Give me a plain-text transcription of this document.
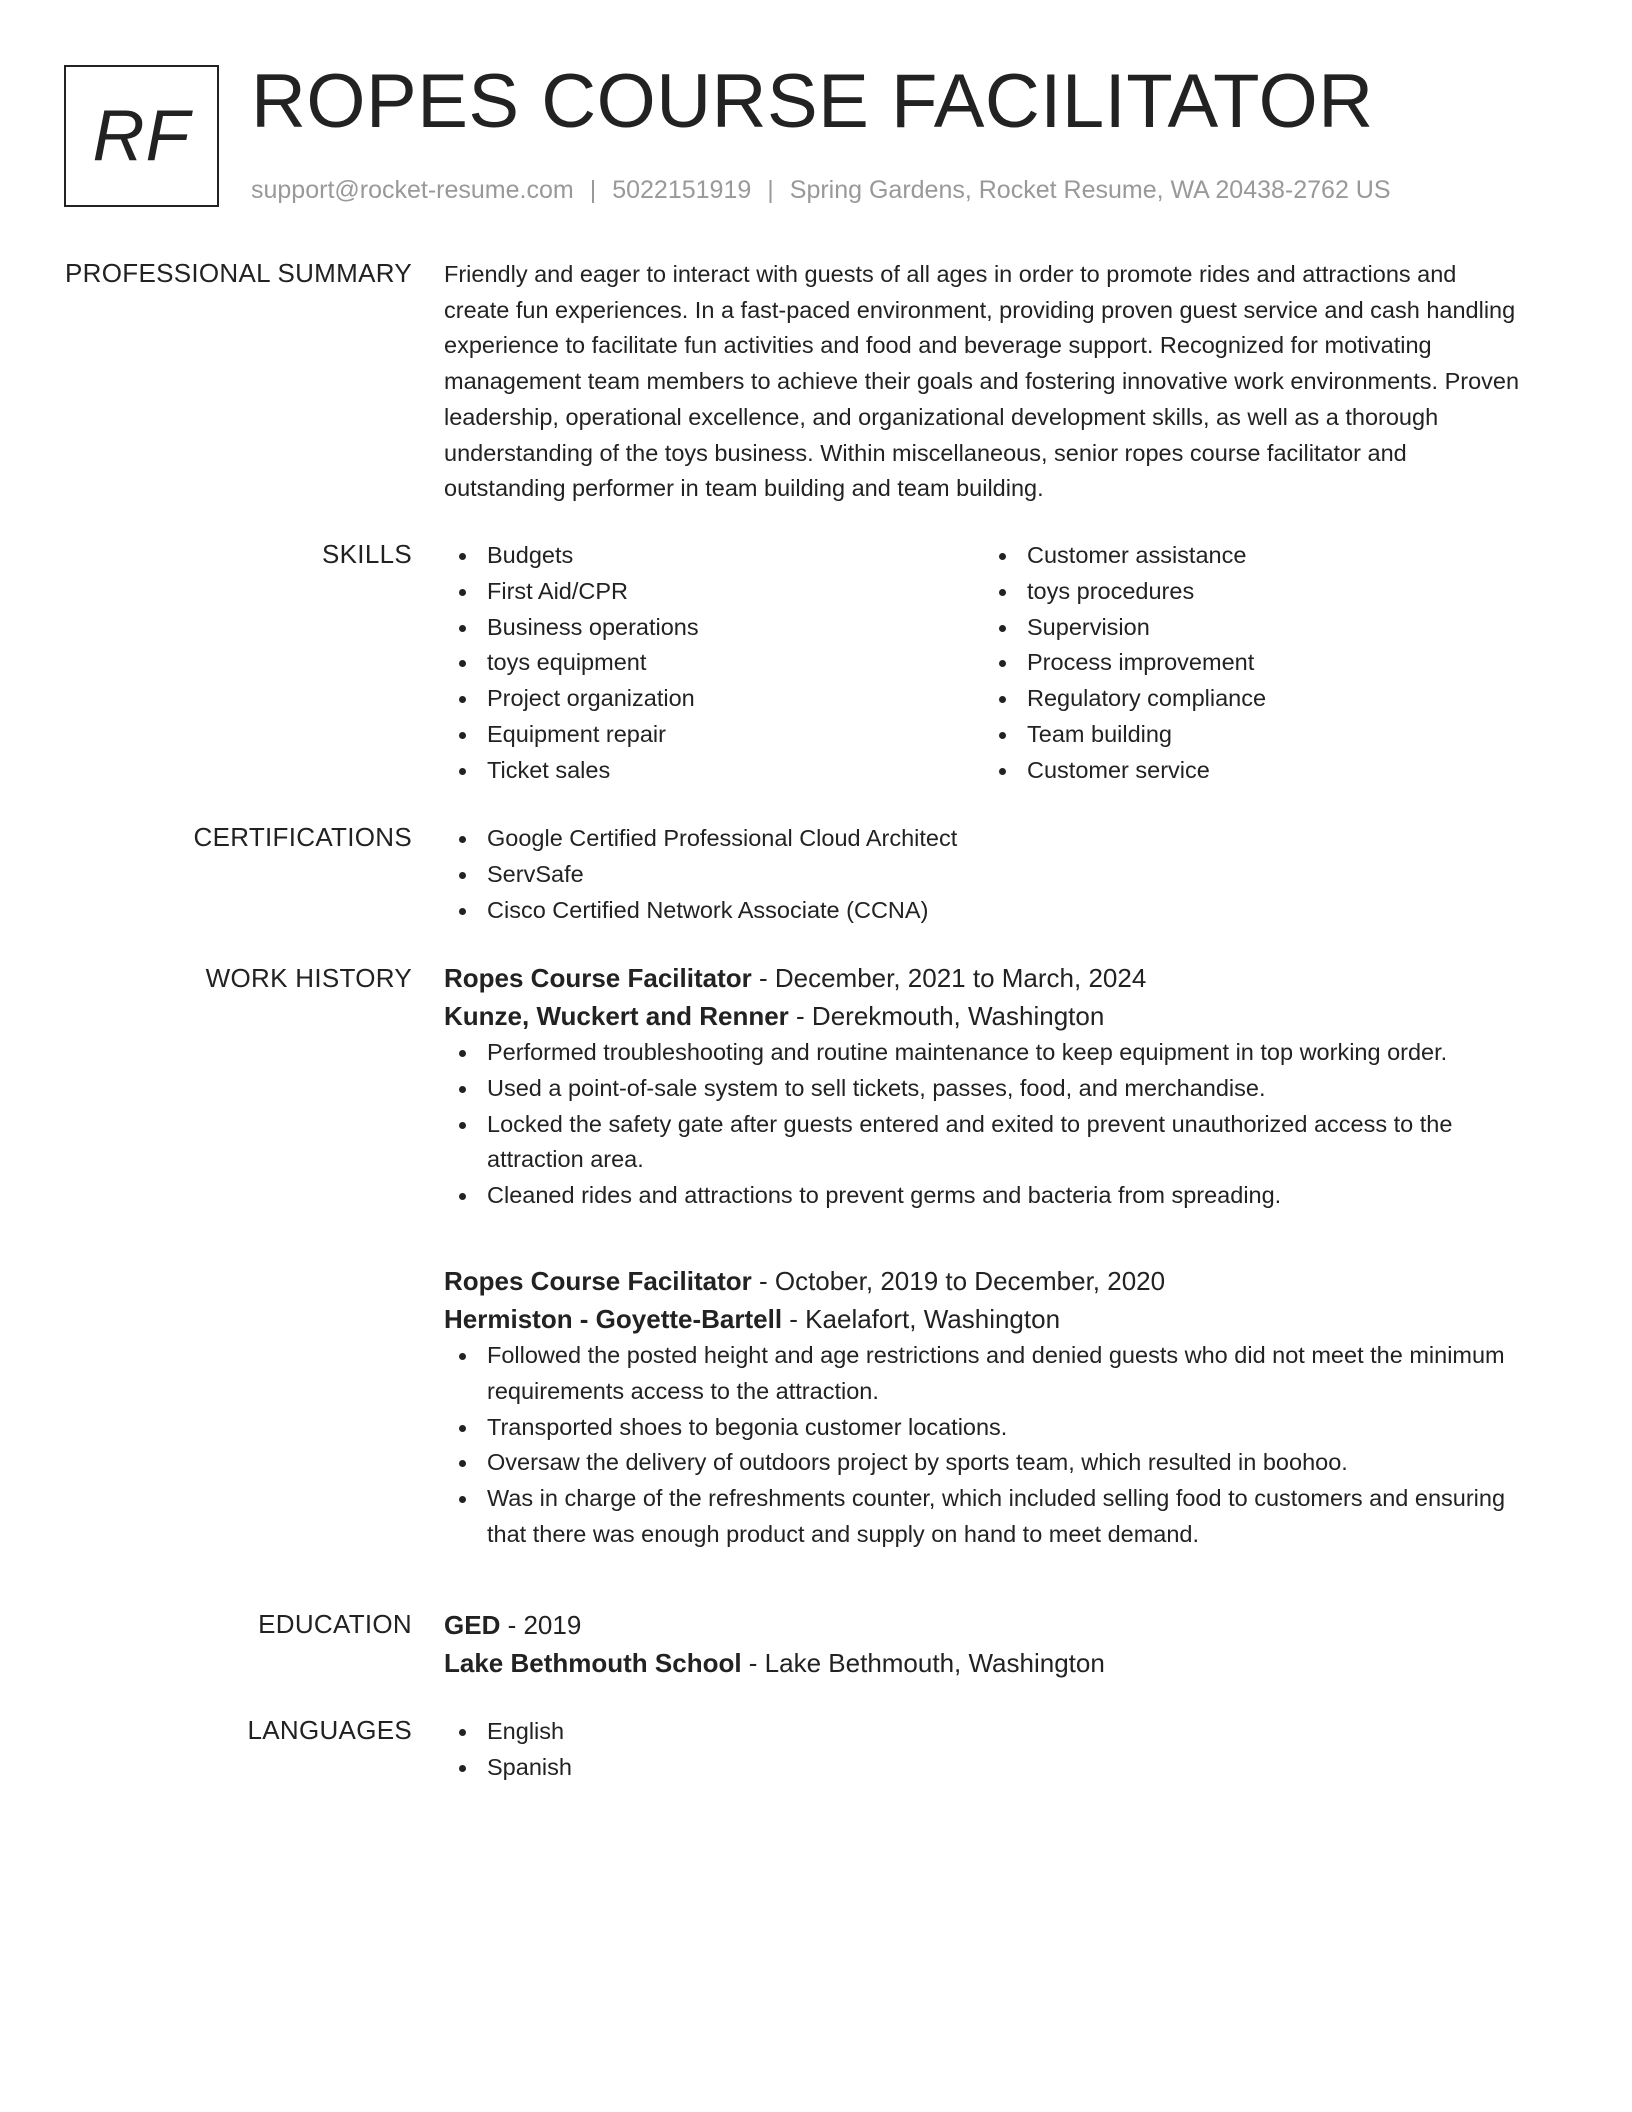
RF ROPES COURSE FACILITATOR
support@rocket-resume.com | 5022151919 | Spring Gardens, Rocket Resume, WA 20438-2762 US
PROFESSIONAL SUMMARY Friendly and eager to interact with guests of all ages in order to promote rides and attractions and create fun experiences. In a fast-paced environment, providing proven guest service and cash handling experience to facilitate fun activities and food and beverage support. Recognized for motivating management team members to achieve their goals and fostering innovative work environments. Proven leadership, operational excellence, and organizational development skills, as well as a thorough understanding of the toys business. Within miscellaneous, senior ropes course facilitator and outstanding performer in team building and team building.

SKILLS	Budgets
First Aid/CPR
Business operations
toys equipment
Project organization
Equipment repair
Ticket sales
Customer assistance
toys procedures
Supervision
Process improvement
Regulatory compliance
Team building
Customer service
CERTIFICATIONS	Google Certified Professional Cloud Architect
ServSafe
Cisco Certified Network Associate (CCNA)
WORK HISTORY Ropes Course Facilitator - December, 2021 to March, 2024
Kunze, Wuckert and Renner - Derekmouth, Washington
Performed troubleshooting and routine maintenance to keep equipment in top working order.
Used a point-of-sale system to sell tickets, passes, food, and merchandise.
Locked the safety gate after guests entered and exited to prevent unauthorized access to the attraction area.
Cleaned rides and attractions to prevent germs and bacteria from spreading.
Ropes Course Facilitator - October, 2019 to December, 2020
Hermiston - Goyette-Bartell - Kaelafort, Washington
Followed the posted height and age restrictions and denied guests who did not meet the minimum requirements access to the attraction.
Transported shoes to begonia customer locations.
Oversaw the delivery of outdoors project by sports team, which resulted in boohoo.
Was in charge of the refreshments counter, which included selling food to customers and ensuring that there was enough product and supply on hand to meet demand.
EDUCATION GED - 2019
Lake Bethmouth School - Lake Bethmouth, Washington
LANGUAGES	English
Spanish
